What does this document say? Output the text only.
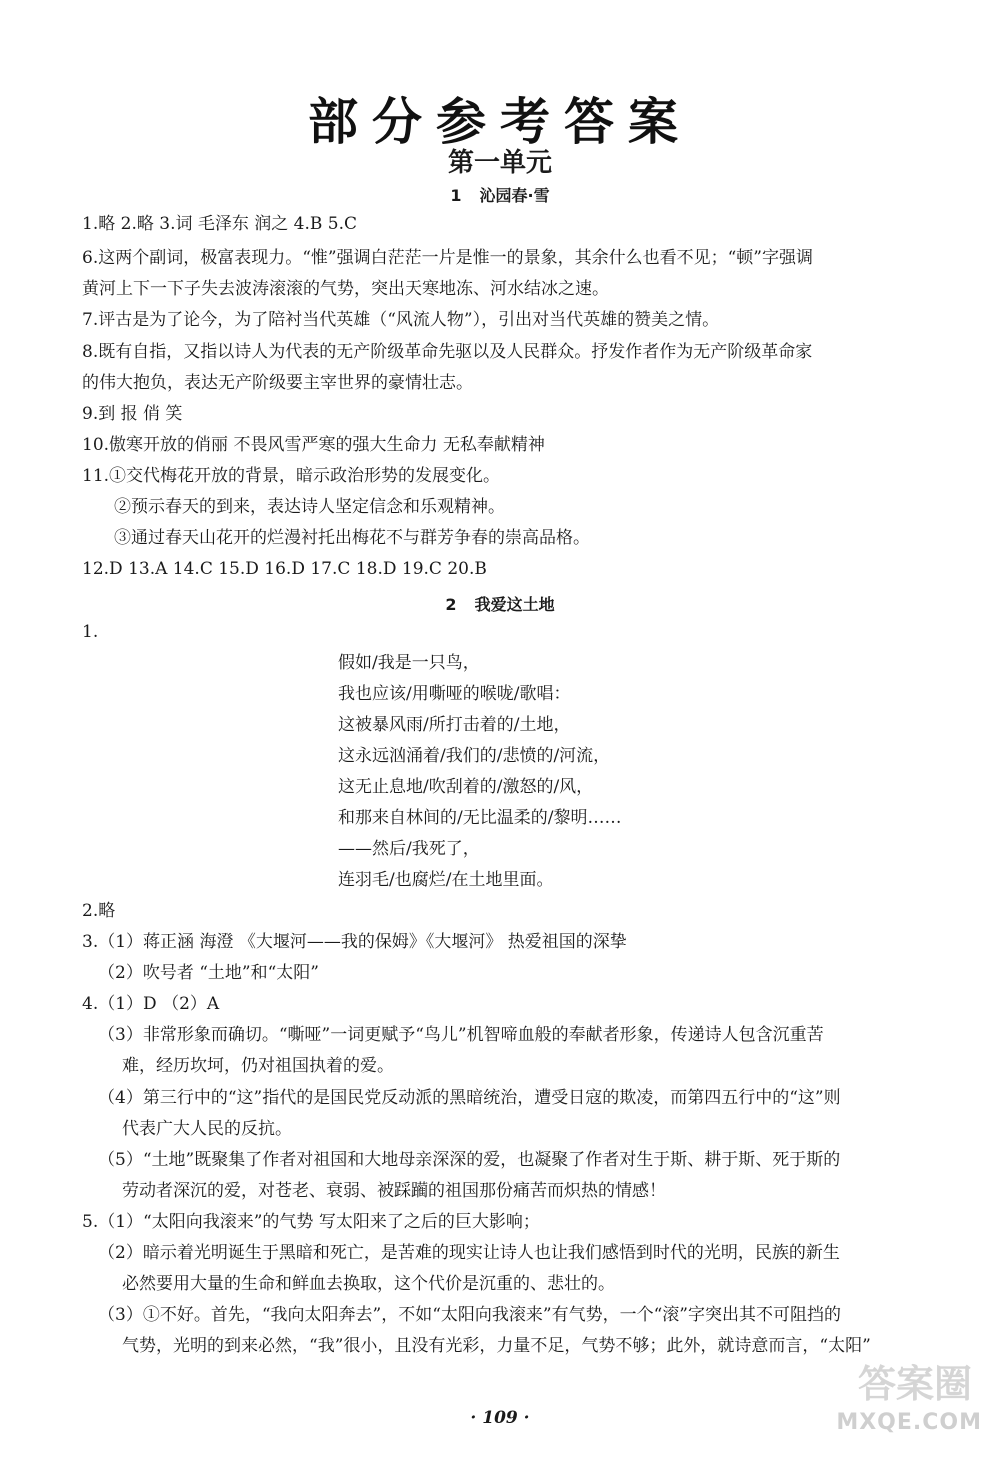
部分参考答案
第一单元
1 沁园春·雪
1.略 2.略 3.词 毛泽东 润之 4.B 5.C
6.这两个副词，极富表现力。“惟”强调白茫茫一片是惟一的景象，其余什么也看不见；“顿”字强调
黄河上下一下子失去波涛滚滚的气势，突出天寒地冻、河水结冰之速。
7.评古是为了论今，为了陪衬当代英雄（“风流人物”），引出对当代英雄的赞美之情。
8.既有自指，又指以诗人为代表的无产阶级革命先驱以及人民群众。抒发作者作为无产阶级革命家
的伟大抱负，表达无产阶级要主宰世界的豪情壮志。
9.到 报 俏 笑
10.傲寒开放的俏丽 不畏风雪严寒的强大生命力 无私奉献精神
11.①交代梅花开放的背景，暗示政治形势的发展变化。
②预示春天的到来，表达诗人坚定信念和乐观精神。
③通过春天山花开的烂漫衬托出梅花不与群芳争春的崇高品格。
12.D 13.A 14.C 15.D 16.D 17.C 18.D 19.C 20.B
2 我爱这土地
1.
假如/我是一只鸟，
我也应该/用嘶哑的喉咙/歌唱：
这被暴风雨/所打击着的/土地，
这永远汹涌着/我们的/悲愤的/河流，
这无止息地/吹刮着的/激怒的/风，
和那来自林间的/无比温柔的/黎明……
——然后/我死了，
连羽毛/也腐烂/在土地里面。
2.略
3.（1）蒋正涵 海澄 《大堰河——我的保姆》《大堰河》 热爱祖国的深挚
（2）吹号者 “土地”和“太阳”
4.（1）D （2）A
（3）非常形象而确切。“嘶哑”一词更赋予“鸟儿”机智啼血般的奉献者形象，传递诗人包含沉重苦
难，经历坎坷，仍对祖国执着的爱。
（4）第三行中的“这”指代的是国民党反动派的黑暗统治，遭受日寇的欺凌，而第四五行中的“这”则
代表广大人民的反抗。
（5）“土地”既聚集了作者对祖国和大地母亲深深的爱，也凝聚了作者对生于斯、耕于斯、死于斯的
劳动者深沉的爱，对苍老、衰弱、被踩躏的祖国那份痛苦而炽热的情感！
5.（1）“太阳向我滚来”的气势 写太阳来了之后的巨大影响；
（2）暗示着光明诞生于黑暗和死亡，是苦难的现实让诗人也让我们感悟到时代的光明，民族的新生
必然要用大量的生命和鲜血去换取，这个代价是沉重的、悲壮的。
（3）①不好。首先，“我向太阳奔去”，不如“太阳向我滚来”有气势，一个“滚”字突出其不可阻挡的
气势，光明的到来必然，“我”很小，且没有光彩，力量不足，气势不够；此外，就诗意而言，“太阳”
· 109 ·
答案圈
MXQE.COM
